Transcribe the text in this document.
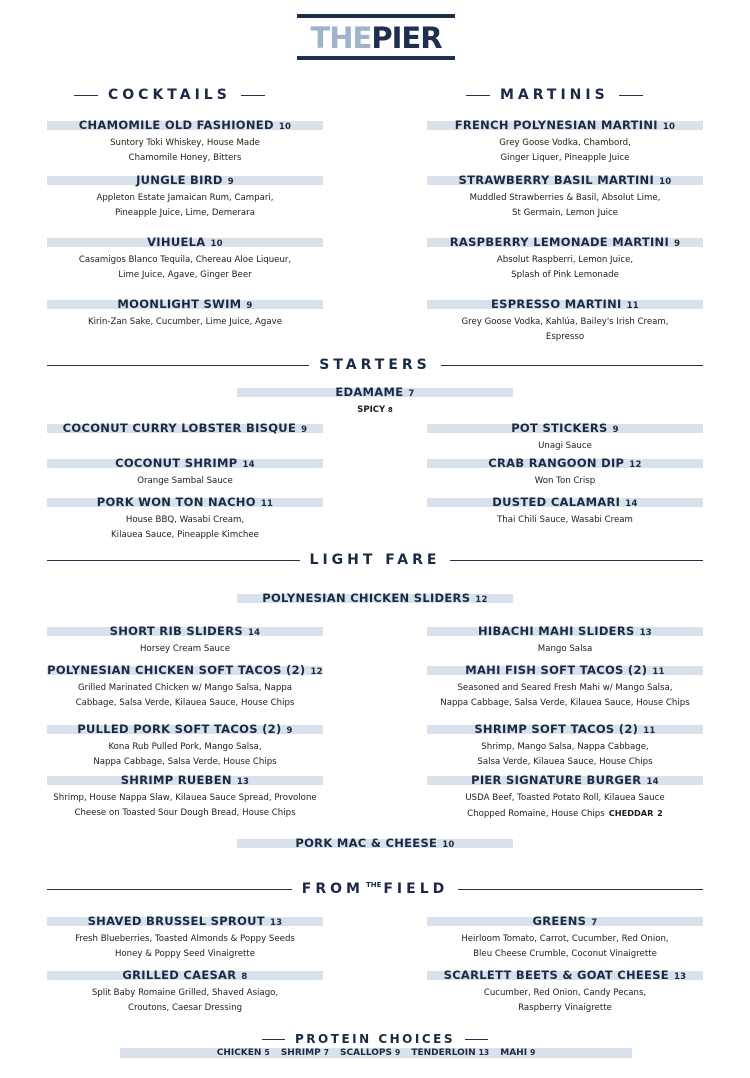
THEPIER
COCKTAILS	MARTINIS
CHAMOMILE OLD FASHIONED 10
Suntory Toki Whiskey, House Made
Chamomile Honey, Bitters
JUNGLE BIRD 9
Appleton Estate Jamaican Rum, Campari,
Pineapple Juice, Lime, Demerara
VIHUELA 10
Casamigos Blanco Tequila, Chereau Aloe Liqueur,
Lime Juice, Agave, Ginger Beer
MOONLIGHT SWIM 9
Kirin-Zan Sake, Cucumber, Lime Juice, Agave
FRENCH POLYNESIAN MARTINI 10
Grey Goose Vodka, Chambord,
Ginger Liquer, Pineapple Juice
STRAWBERRY BASIL MARTINI 10
Muddled Strawberries & Basil, Absolut Lime,
St Germain, Lemon Juice
RASPBERRY LEMONADE MARTINI 9
Absolut Raspberri, Lemon Juice,
Splash of Pink Lemonade
ESPRESSO MARTINI 11
Grey Goose Vodka, Kahlúa, Bailey's Irish Cream,
Espresso
STARTERS
EDAMAME 7
SPICY 8
COCONUT CURRY LOBSTER BISQUE 9
COCONUT SHRIMP 14
Orange Sambal Sauce
PORK WON TON NACHO 11
House BBQ, Wasabi Cream,
Kilauea Sauce, Pineapple Kimchee
POT STICKERS 9
Unagi Sauce
CRAB RANGOON DIP 12
Won Ton Crisp
DUSTED CALAMARI 14
Thai Chili Sauce, Wasabi Cream
LIGHT FARE
POLYNESIAN CHICKEN SLIDERS 12
SHORT RIB SLIDERS 14
Horsey Cream Sauce
POLYNESIAN CHICKEN SOFT TACOS (2) 12
Grilled Marinated Chicken w/ Mango Salsa, Nappa
Cabbage, Salsa Verde, Kilauea Sauce, House Chips
PULLED PORK SOFT TACOS (2) 9
Kona Rub Pulled Pork, Mango Salsa,
Nappa Cabbage, Salsa Verde, House Chips
SHRIMP RUEBEN 13
Shrimp, House Nappa Slaw, Kilauea Sauce Spread, Provolone
Cheese on Toasted Sour Dough Bread, House Chips
HIBACHI MAHI SLIDERS 13
Mango Salsa
MAHI FISH SOFT TACOS (2) 11
Seasoned and Seared Fresh Mahi w/ Mango Salsa,
Nappa Cabbage, Salsa Verde, Kilauea Sauce, House Chips
SHRIMP SOFT TACOS (2) 11
Shrimp, Mango Salsa, Nappa Cabbage,
Salsa Verde, Kilauea Sauce, House Chips
PIER SIGNATURE BURGER 14
USDA Beef, Toasted Potato Roll, Kilauea Sauce
Chopped Romaine, House Chips CHEDDAR 2
PORK MAC & CHEESE 10
FROM $^{THE}$ FIELD
SHAVED BRUSSEL SPROUT 13
Fresh Blueberries, Toasted Almonds & Poppy Seeds
Honey & Poppy Seed Vinaigrette
GRILLED CAESAR 8
Split Baby Romaine Grilled, Shaved Asiago,
Croutons, Caesar Dressing
GREENS 7
Heirloom Tomato, Carrot, Cucumber, Red Onion,
Bleu Cheese Crumble, Coconut Vinaigrette
SCARLETT BEETS & GOAT CHEESE 13
Cucumber, Red Onion, Candy Pecans,
Raspberry Vinaigrette
PROTEIN CHOICES
CHICKEN 5 SHRIMP 7 SCALLOPS 9 TENDERLOIN 13 MAHI 9
